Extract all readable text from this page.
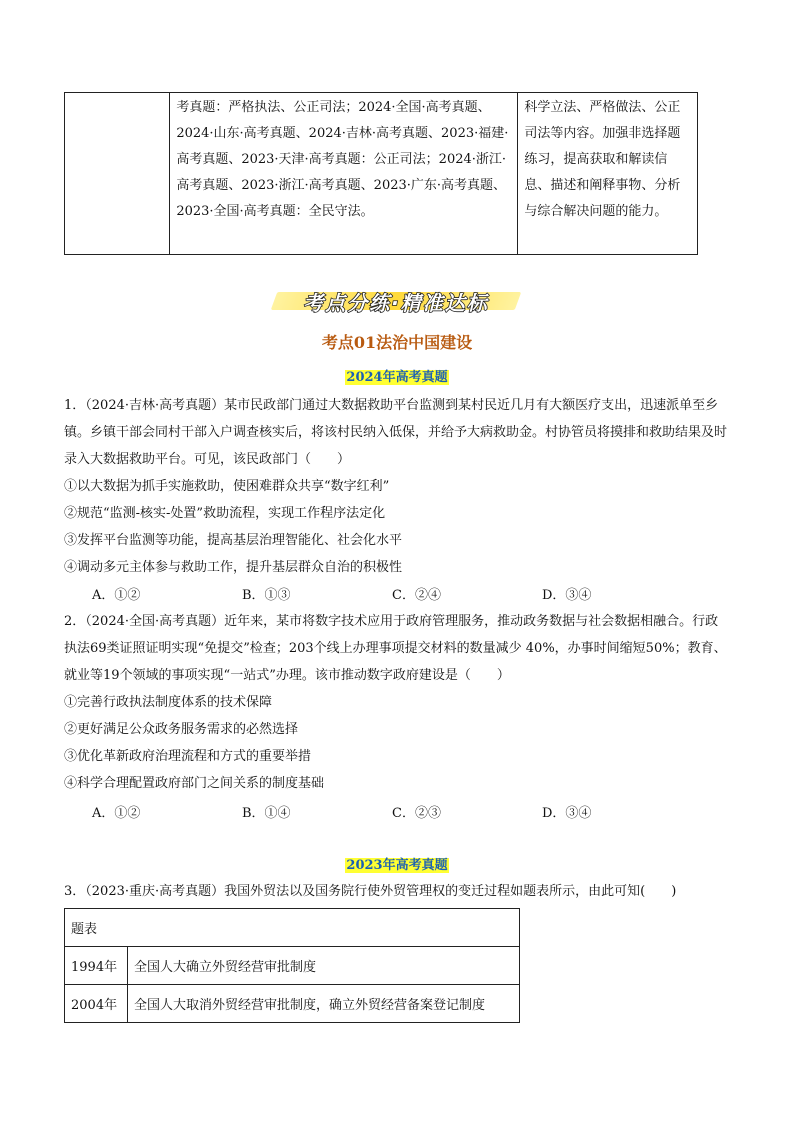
	考真题：严格执法、公正司法；2024·全国·高考真题、2024·山东·高考真题、2024·吉林·高考真题、2023·福建·高考真题、2023·天津·高考真题：公正司法；2024·浙江·高考真题、2023·浙江·高考真题、2023·广东·高考真题、2023·全国·高考真题：全民守法。	科学立法、严格做法、公正司法等内容。加强非选择题练习，提高获取和解读信息、描述和阐释事物、分析与综合解决问题的能力。
考点分练·精准达标
考点01法治中国建设
2024年高考真题
1．（2024·吉林·高考真题）某市民政部门通过大数据救助平台监测到某村民近几月有大额医疗支出，迅速派单至乡镇。乡镇干部会同村干部入户调查核实后，将该村民纳入低保，并给予大病救助金。村协管员将摸排和救助结果及时录入大数据救助平台。可见，该民政部门（　　）
①以大数据为抓手实施救助，使困难群众共享“数字红利”
②规范“监测-核实-处置”救助流程，实现工作程序法定化
③发挥平台监测等功能，提高基层治理智能化、社会化水平
④调动多元主体参与救助工作，提升基层群众自治的积极性
A．①②	B．①③	C．②④	D．③④
2．（2024·全国·高考真题）近年来，某市将数字技术应用于政府管理服务，推动政务数据与社会数据相融合。行政执法69类证照证明实现“免提交”检查；203个线上办理事项提交材料的数量减少 40%，办事时间缩短50%；教育、就业等19个领域的事项实现“一站式”办理。该市推动数字政府建设是（　　）
①完善行政执法制度体系的技术保障
②更好满足公众政务服务需求的必然选择
③优化革新政府治理流程和方式的重要举措
④科学合理配置政府部门之间关系的制度基础
A．①②	B．①④	C．②③	D．③④
2023年高考真题
3．（2023·重庆·高考真题）我国外贸法以及国务院行使外贸管理权的变迁过程如题表所示，由此可知(　　)
题表	
1994年	全国人大确立外贸经营审批制度
2004年	全国人大取消外贸经营审批制度，确立外贸经营备案登记制度
